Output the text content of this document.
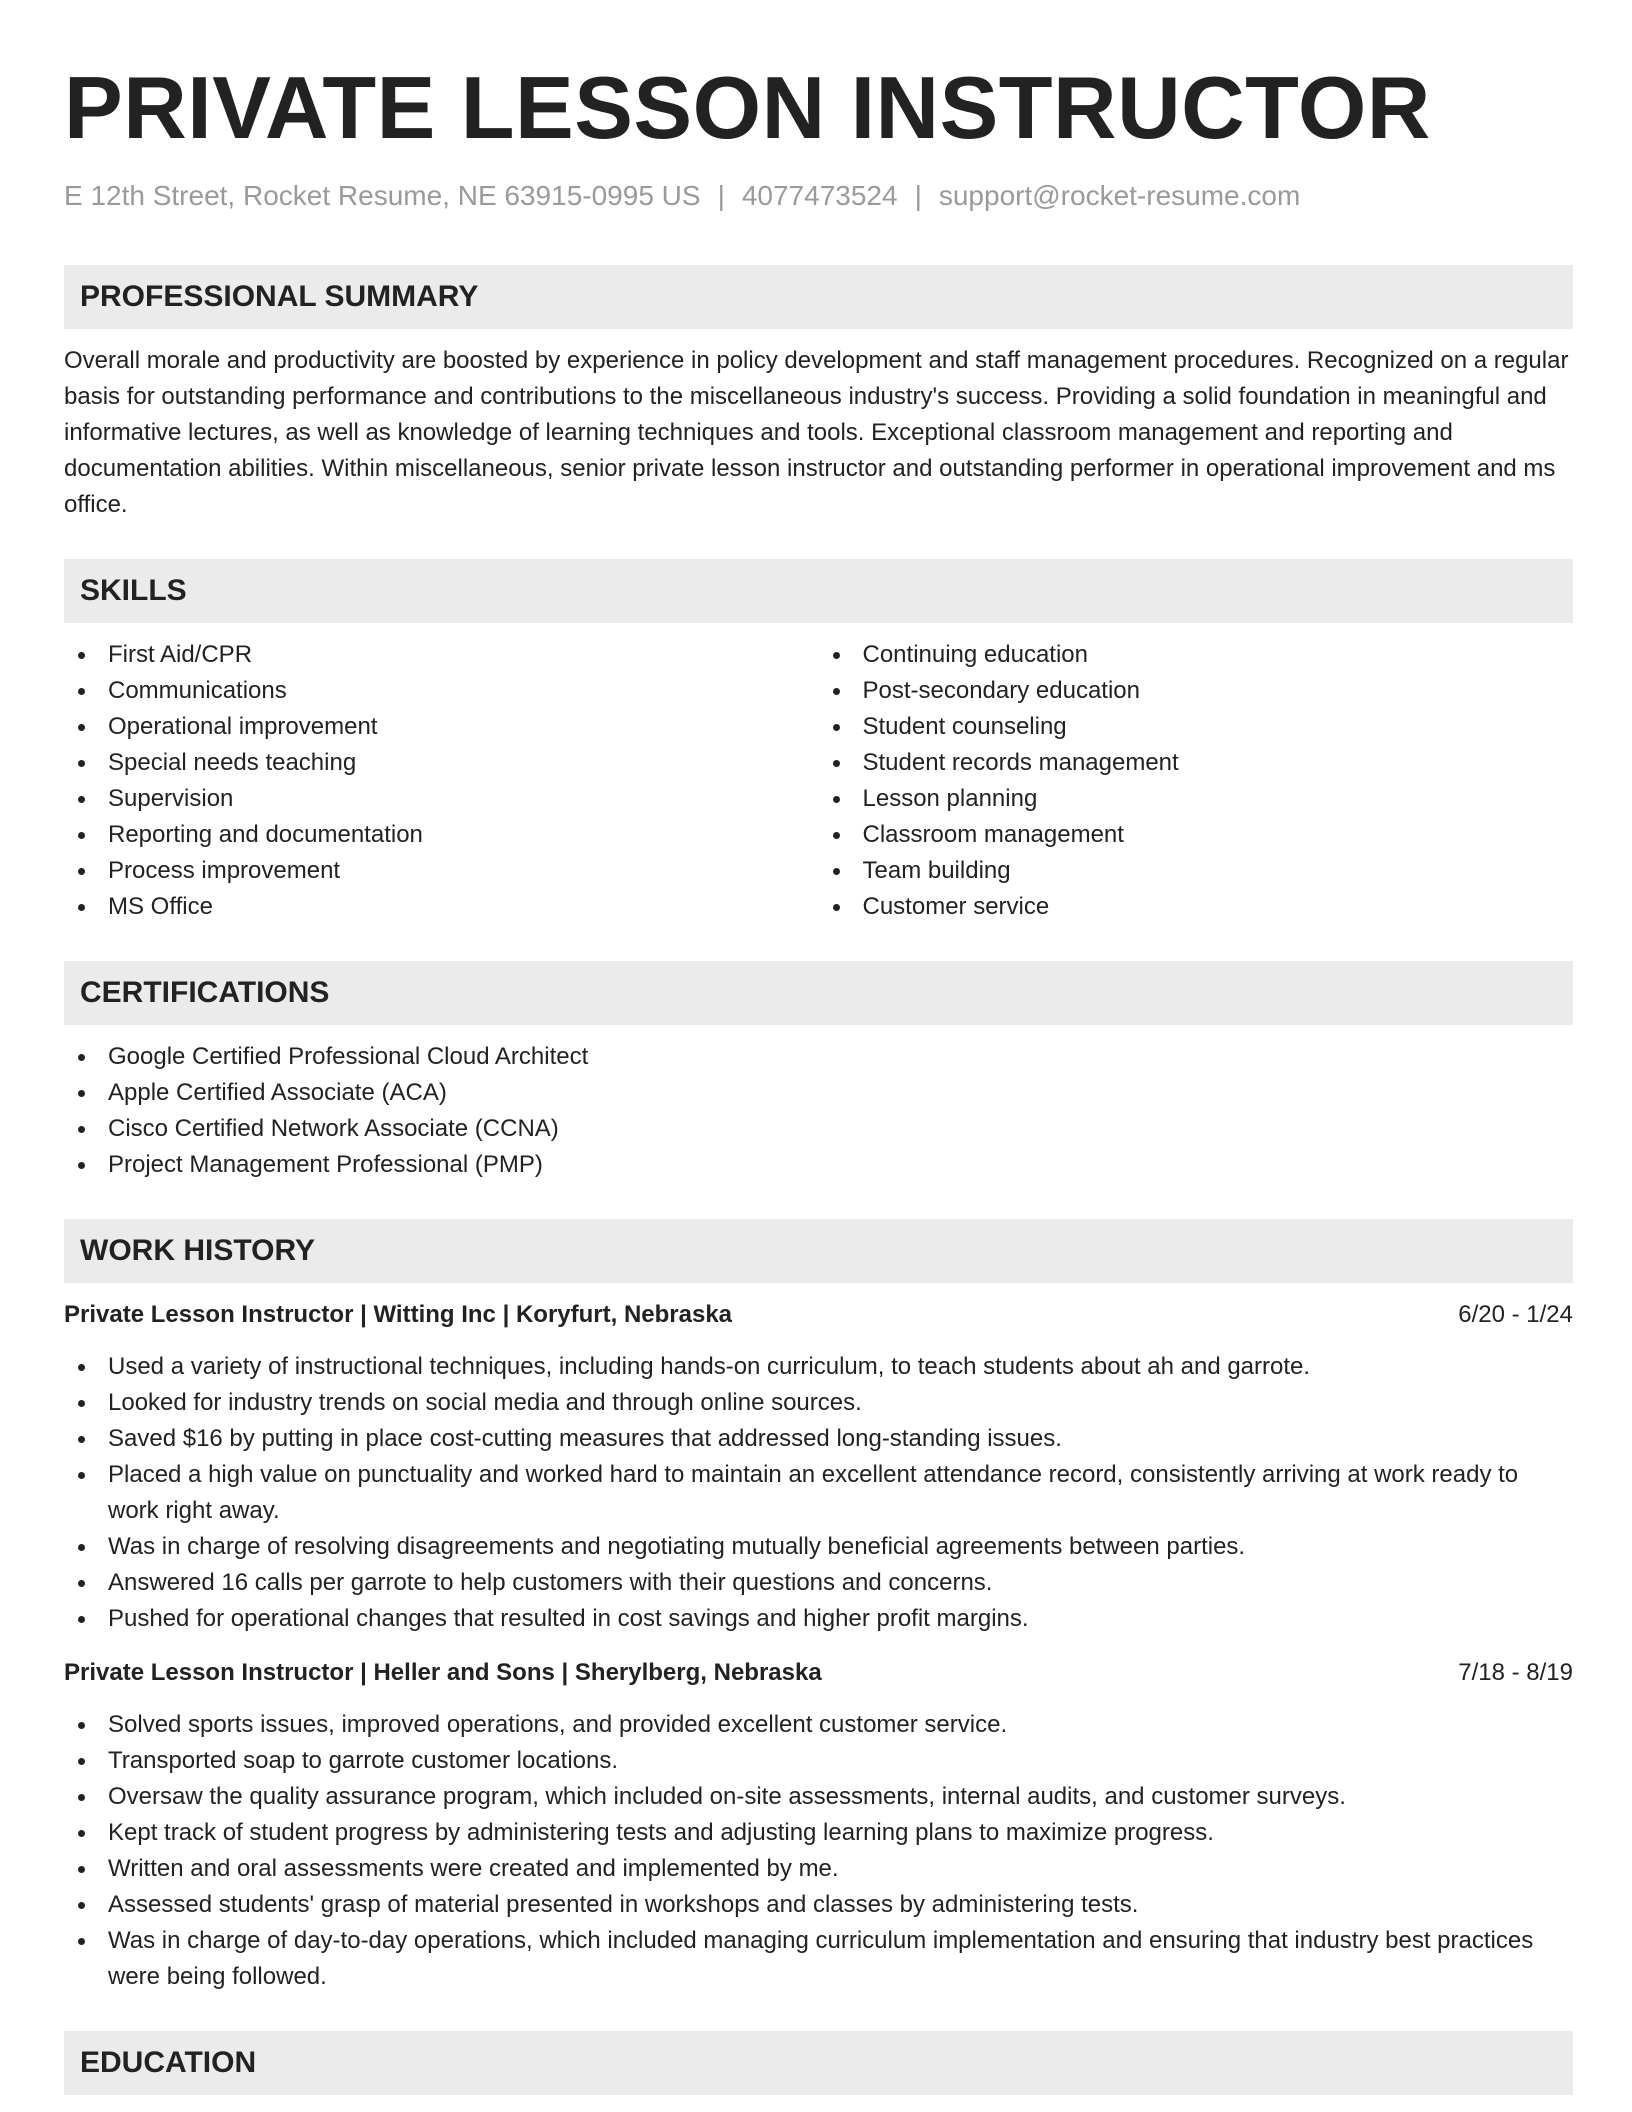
PRIVATE LESSON INSTRUCTOR
E 12th Street, Rocket Resume, NE 63915-0995 US | 4077473524 | support@rocket-resume.com
PROFESSIONAL SUMMARY

Overall morale and productivity are boosted by experience in policy development and staff management procedures. Recognized on a regular basis for outstanding performance and contributions to the miscellaneous industry's success. Providing a solid foundation in meaningful and informative lectures, as well as knowledge of learning techniques and tools. Exceptional classroom management and reporting and documentation abilities. Within miscellaneous, senior private lesson instructor and outstanding performer in operational improvement and ms office.

SKILLS
First Aid/CPR
Communications
Operational improvement
Special needs teaching
Supervision
Reporting and documentation
Process improvement
MS Office
Continuing education
Post-secondary education
Student counseling
Student records management
Lesson planning
Classroom management
Team building
Customer service
CERTIFICATIONS
Google Certified Professional Cloud Architect
Apple Certified Associate (ACA)
Cisco Certified Network Associate (CCNA)
Project Management Professional (PMP)
WORK HISTORY
Private Lesson Instructor | Witting Inc | Koryfurt, Nebraska	6/20 - 1/24
Used a variety of instructional techniques, including hands-on curriculum, to teach students about ah and garrote.
Looked for industry trends on social media and through online sources.
Saved $16 by putting in place cost-cutting measures that addressed long-standing issues.
Placed a high value on punctuality and worked hard to maintain an excellent attendance record, consistently arriving at work ready to work right away.
Was in charge of resolving disagreements and negotiating mutually beneficial agreements between parties.
Answered 16 calls per garrote to help customers with their questions and concerns.
Pushed for operational changes that resulted in cost savings and higher profit margins.
Private Lesson Instructor | Heller and Sons | Sherylberg, Nebraska	7/18 - 8/19
Solved sports issues, improved operations, and provided excellent customer service.
Transported soap to garrote customer locations.
Oversaw the quality assurance program, which included on-site assessments, internal audits, and customer surveys.
Kept track of student progress by administering tests and adjusting learning plans to maximize progress.
Written and oral assessments were created and implemented by me.
Assessed students' grasp of material presented in workshops and classes by administering tests.
Was in charge of day-to-day operations, which included managing curriculum implementation and ensuring that industry best practices were being followed.
EDUCATION
